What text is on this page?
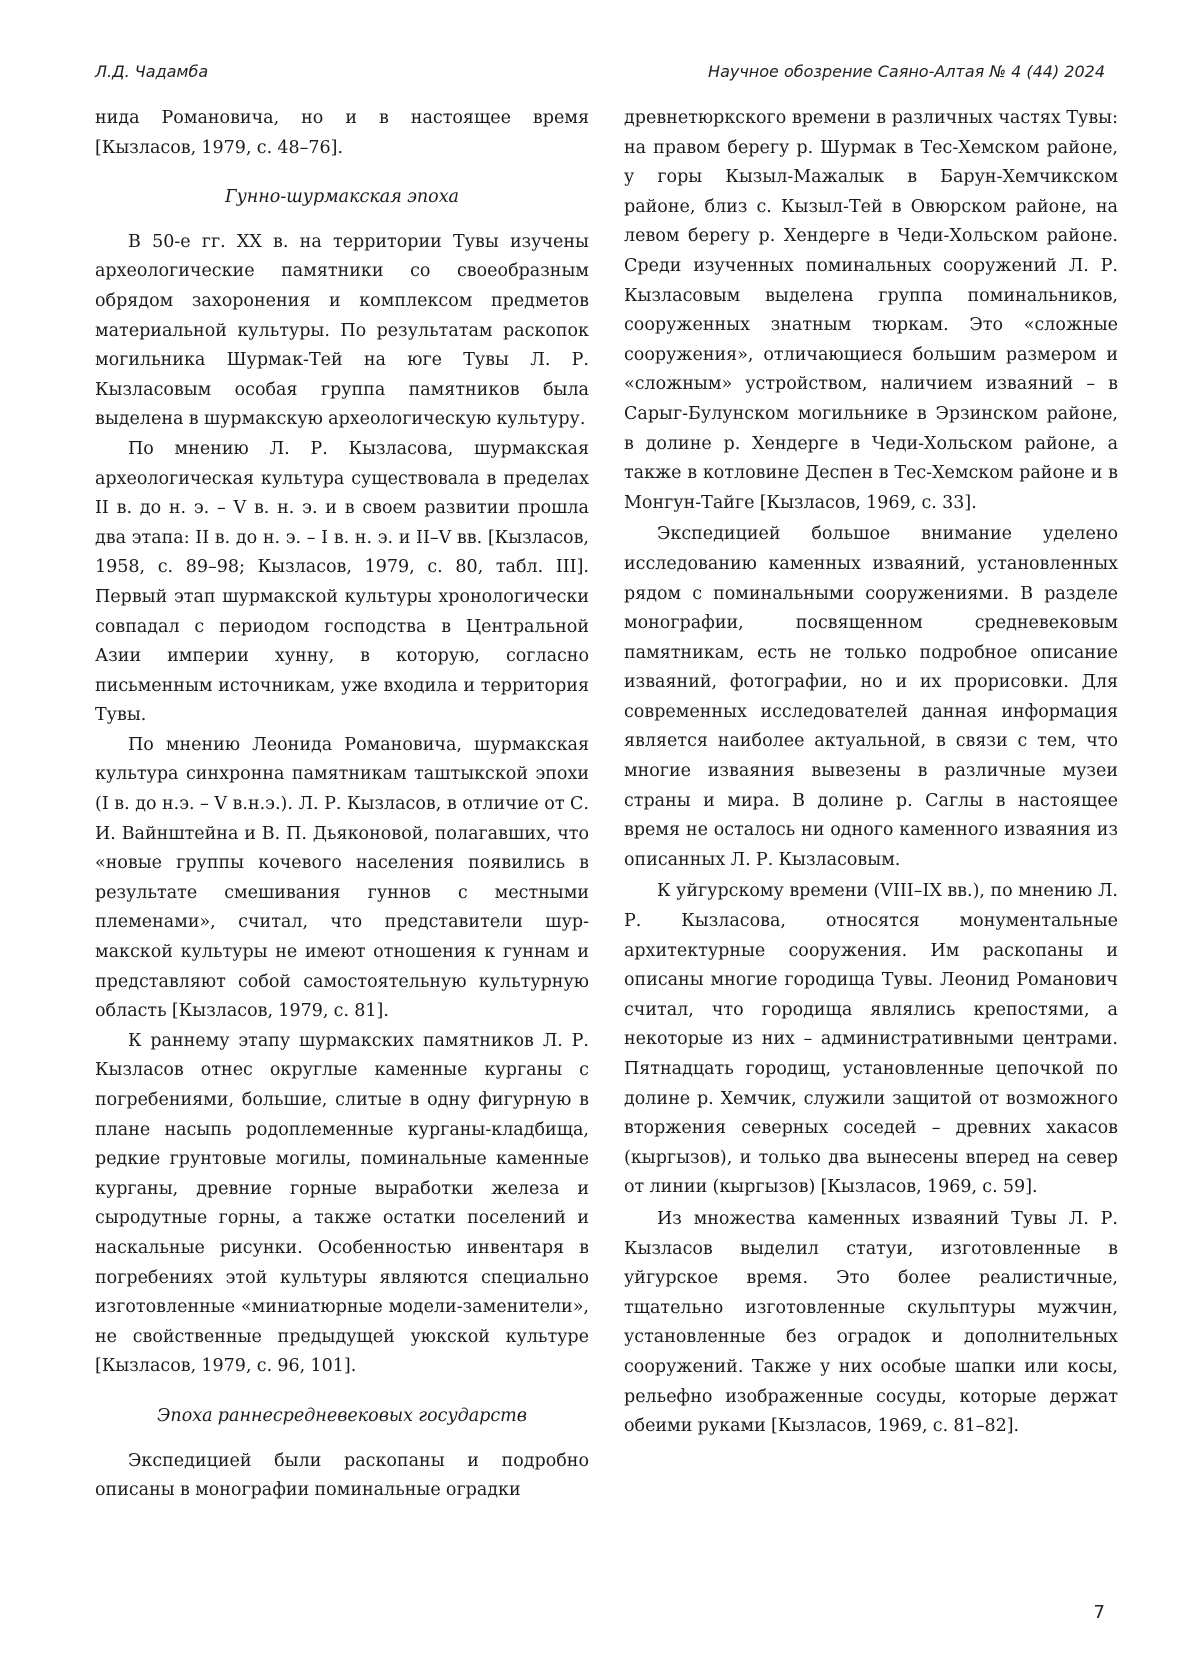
Л.Д. Чадамба	Научное обозрение Саяно-Алтая № 4 (44) 2024

нида Романовича, но и в настоящее время [Кызласов, 1979, с. 48–76].

Гунно-шурмакская эпоха

В 50-е гг. XX в. на территории Тувы изучены археологические памятники со своеобразным обрядом захоронения и комплексом предметов материальной культуры. По результатам раскопок могильника Шурмак-Тей на юге Тувы Л. Р. Кызласовым особая группа памятников была выделена в шурмакскую археологическую культуру.

По мнению Л. Р. Кызласова, шурмакская археологическая культура существовала в пределах II в. до н. э. – V в. н. э. и в своем развитии прошла два этапа: II в. до н. э. – I в. н. э. и II–V вв. [Кызласов, 1958, с. 89–98; Кызласов, 1979, с. 80, табл. III]. Первый этап шурмакской культуры хронологически совпадал с периодом господства в Центральной Азии империи хунну, в которую, согласно письменным источникам, уже входила и территория Тувы.

По мнению Леонида Романовича, шурмакская культура синхронна памятникам таштыкской эпохи (I в. до н.э. – V в.н.э.). Л. Р. Кызласов, в отличие от С. И. Вайнштейна и В. П. Дьяконовой, полагавших, что «новые группы кочевого населения появились в результате смешивания гуннов с местными племенами», считал, что представители шурмакской культуры не имеют отношения к гуннам и представляют собой самостоятельную культурную область [Кызласов, 1979, с. 81].

К раннему этапу шурмакских памятников Л. Р. Кызласов отнес округлые каменные курганы с погребениями, большие, слитые в одну фигурную в плане насыпь родоплеменные курганы-кладбища, редкие грунтовые могилы, поминальные каменные курганы, древние горные выработки железа и сыродутные горны, а также остатки поселений и наскальные рисунки. Особенностью инвентаря в погребениях этой культуры являются специально изготовленные «миниатюрные модели-заменители», не свойственные предыдущей уюкской культуре [Кызласов, 1979, с. 96, 101].

Эпоха раннесредневековых государств

Экспедицией были раскопаны и подробно описаны в монографии поминальные оградки

древнетюркского времени в различных частях Тувы: на правом берегу р. Шурмак в Тес-Хемском районе, у горы Кызыл-Мажалык в Барун-Хемчикском районе, близ с. Кызыл-Тей в Овюрском районе, на левом берегу р. Хендерге в Чеди-Хольском районе. Среди изученных поминальных сооружений Л. Р. Кызласовым выделена группа поминальников, сооруженных знатным тюркам. Это «сложные сооружения», отличающиеся большим размером и «сложным» устройством, наличием изваяний – в Сарыг-Булунском могильнике в Эрзинском районе, в долине р. Хендерге в Чеди-Хольском районе, а также в котловине Деспен в Тес-Хемском районе и в Монгун-Тайге [Кызласов, 1969, с. 33].

Экспедицией большое внимание уделено исследованию каменных изваяний, установленных рядом с поминальными сооружениями. В разделе монографии, посвященном средневековым памятникам, есть не только подробное описание изваяний, фотографии, но и их прорисовки. Для современных исследователей данная информация является наиболее актуальной, в связи с тем, что многие изваяния вывезены в различные музеи страны и мира. В долине р. Саглы в настоящее время не осталось ни одного каменного изваяния из описанных Л. Р. Кызласовым.

К уйгурскому времени (VIII–IX вв.), по мнению Л. Р. Кызласова, относятся монументальные архитектурные сооружения. Им раскопаны и описаны многие городища Тувы. Леонид Романович считал, что городища являлись крепостями, а некоторые из них – административными центрами. Пятнадцать городищ, установленные цепочкой по долине р. Хемчик, служили защитой от возможного вторжения северных соседей – древних хакасов (кыргызов), и только два вынесены вперед на север от линии (кыргызов) [Кызласов, 1969, с. 59].

Из множества каменных изваяний Тувы Л. Р. Кызласов выделил статуи, изготовленные в уйгурское время. Это более реалистичные, тщательно изготовленные скульптуры мужчин, установленные без оградок и дополнительных сооружений. Также у них особые шапки или косы, рельефно изображенные сосуды, которые держат обеими руками [Кызласов, 1969, с. 81–82].

7
